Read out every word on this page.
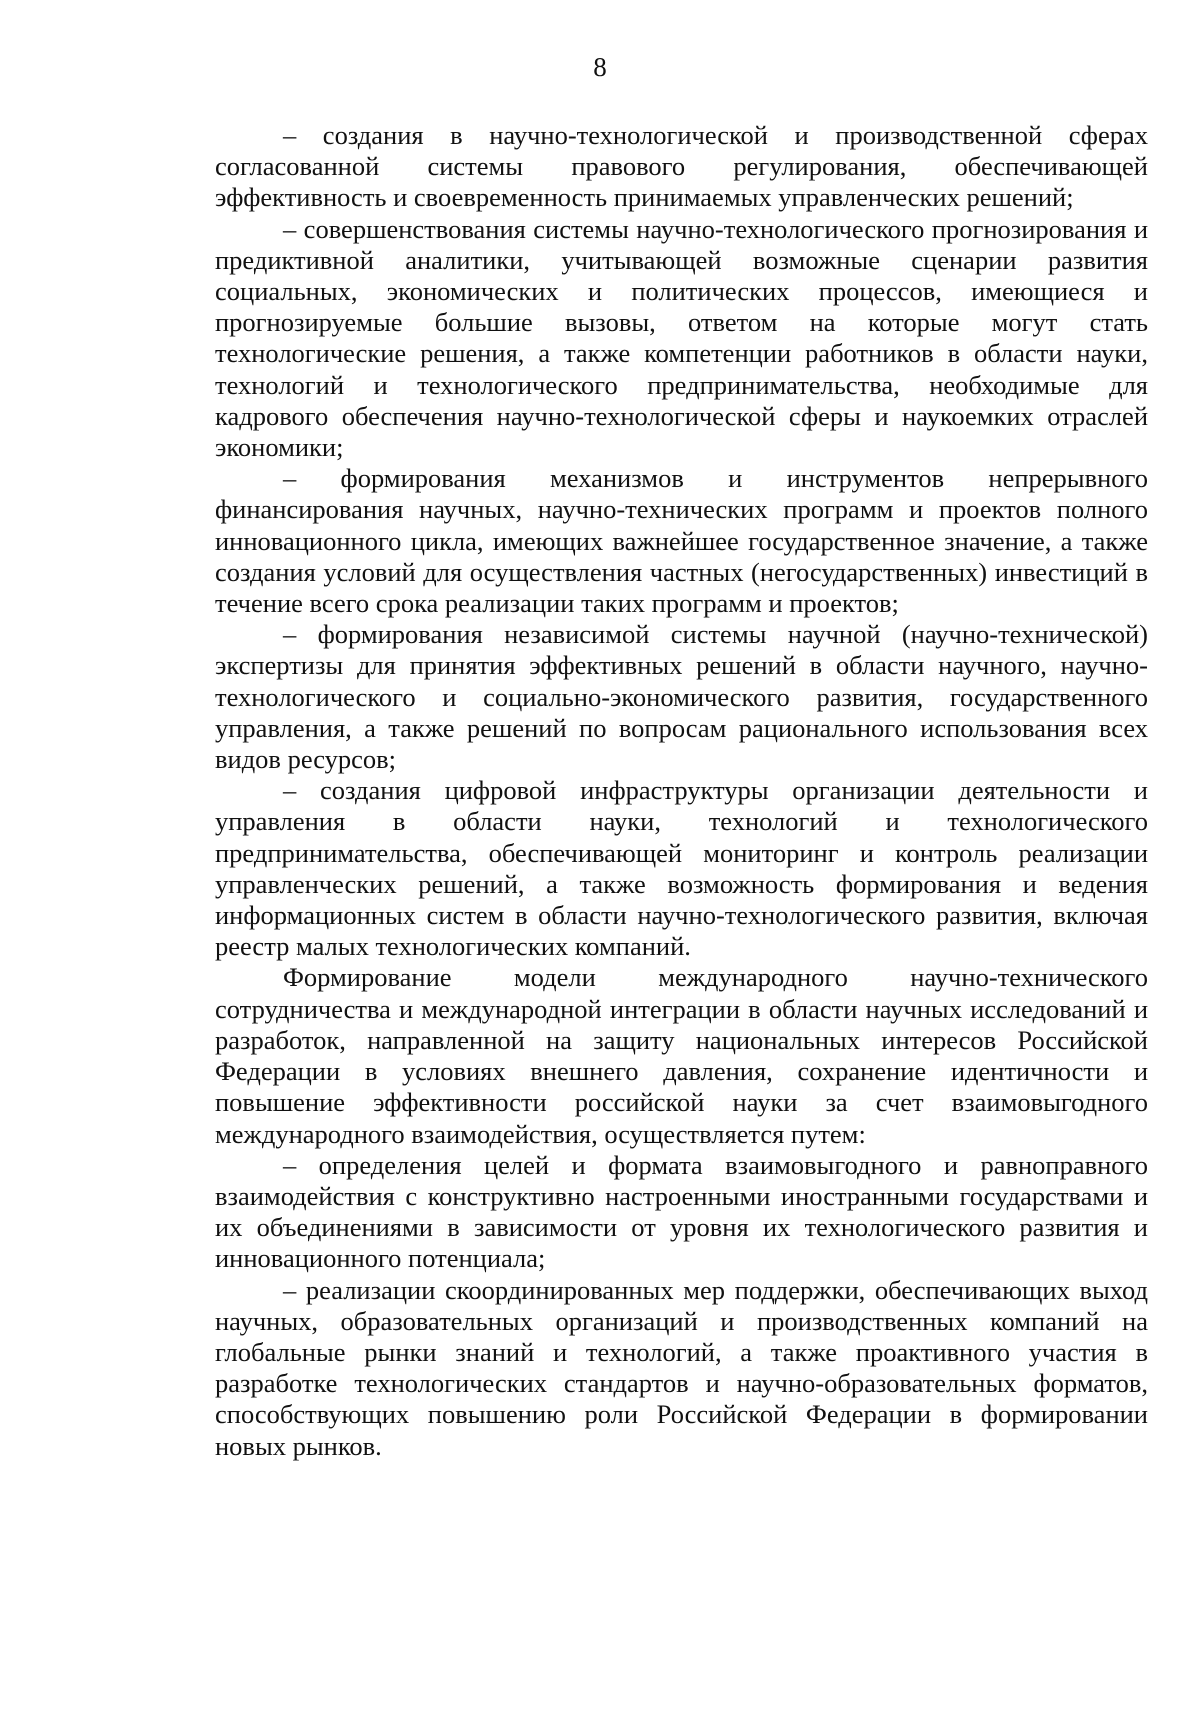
8

– создания в научно-технологической и производственной сферах согласованной системы правового регулирования, обеспечивающей эффективность и своевременность принимаемых управленческих решений;

– совершенствования системы научно-технологического прогнозирования и предиктивной аналитики, учитывающей возможные сценарии развития социальных, экономических и политических процессов, имеющиеся и прогнозируемые большие вызовы, ответом на которые могут стать технологические решения, а также компетенции работников в области науки, технологий и технологического предпринимательства, необходимые для кадрового обеспечения научно-технологической сферы и наукоемких отраслей экономики;

– формирования механизмов и инструментов непрерывного финансирования научных, научно-технических программ и проектов полного инновационного цикла, имеющих важнейшее государственное значение, а также создания условий для осуществления частных (негосударственных) инвестиций в течение всего срока реализации таких программ и проектов;

– формирования независимой системы научной (научно-технической) экспертизы для принятия эффективных решений в области научного, научно-технологического и социально-экономического развития, государственного управления, а также решений по вопросам рационального использования всех видов ресурсов;

– создания цифровой инфраструктуры организации деятельности и управления в области науки, технологий и технологического предпринимательства, обеспечивающей мониторинг и контроль реализации управленческих решений, а также возможность формирования и ведения информационных систем в области научно-технологического развития, включая реестр малых технологических компаний.

Формирование модели международного научно-технического сотрудничества и международной интеграции в области научных исследований и разработок, направленной на защиту национальных интересов Российской Федерации в условиях внешнего давления, сохранение идентичности и повышение эффективности российской науки за счет взаимовыгодного международного взаимодействия, осуществляется путем:

– определения целей и формата взаимовыгодного и равноправного взаимодействия с конструктивно настроенными иностранными государствами и их объединениями в зависимости от уровня их технологического развития и инновационного потенциала;

– реализации скоординированных мер поддержки, обеспечивающих выход научных, образовательных организаций и производственных компаний на глобальные рынки знаний и технологий, а также проактивного участия в разработке технологических стандартов и научно-образовательных форматов, способствующих повышению роли Российской Федерации в формировании новых рынков.
